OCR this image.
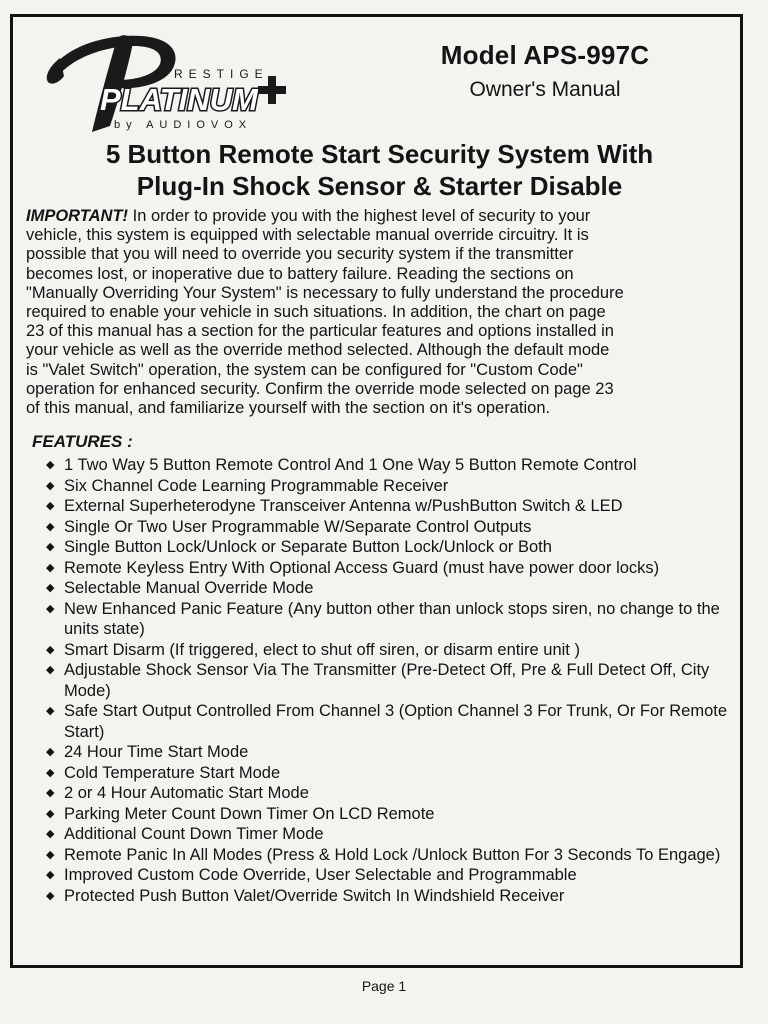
PRESTIGE
PLATINUM
by AUDIOVOX
Model APS-997C
Owner's Manual
5 Button Remote Start Security System With
Plug-In Shock Sensor & Starter Disable
IMPORTANT! In order to provide you with the highest level of security to your
vehicle, this system is equipped with selectable manual override circuitry. It is
possible that you will need to override you security system if the transmitter
becomes lost, or inoperative due to battery failure. Reading the sections on
"Manually Overriding Your System" is necessary to fully understand the procedure
required to enable your vehicle in such situations. In addition, the chart on page
23 of this manual has a section for the particular features and options installed in
your vehicle as well as the override method selected. Although the default mode
is "Valet Switch" operation, the system can be configured for "Custom Code"
operation for enhanced security. Confirm the override mode selected on page 23
of this manual, and familiarize yourself with the section on it's operation.
FEATURES :
◆ 1 Two Way 5 Button Remote Control And 1 One Way 5 Button Remote Control
◆ Six Channel Code Learning Programmable Receiver
◆ External Superheterodyne Transceiver Antenna w/PushButton Switch & LED
◆ Single Or Two User Programmable W/Separate Control Outputs
◆ Single Button Lock/Unlock or Separate Button Lock/Unlock or Both
◆ Remote Keyless Entry With Optional Access Guard (must have power door locks)
◆ Selectable Manual Override Mode
◆ New Enhanced Panic Feature (Any button other than unlock stops siren, no change to the units state)
◆ Smart Disarm (If triggered, elect to shut off siren, or disarm entire unit )
◆ Adjustable Shock Sensor Via The Transmitter (Pre-Detect Off, Pre & Full Detect Off, City Mode)
◆ Safe Start Output Controlled From Channel 3 (Option Channel 3 For Trunk, Or For Remote Start)
◆ 24 Hour Time Start Mode
◆ Cold Temperature Start Mode
◆ 2 or 4 Hour Automatic Start Mode
◆ Parking Meter Count Down Timer On LCD Remote
◆ Additional Count Down Timer Mode
◆ Remote Panic In All Modes (Press & Hold Lock /Unlock Button For 3 Seconds To Engage)
◆ Improved Custom Code Override, User Selectable and Programmable
◆ Protected Push Button Valet/Override Switch In Windshield Receiver
Page 1
